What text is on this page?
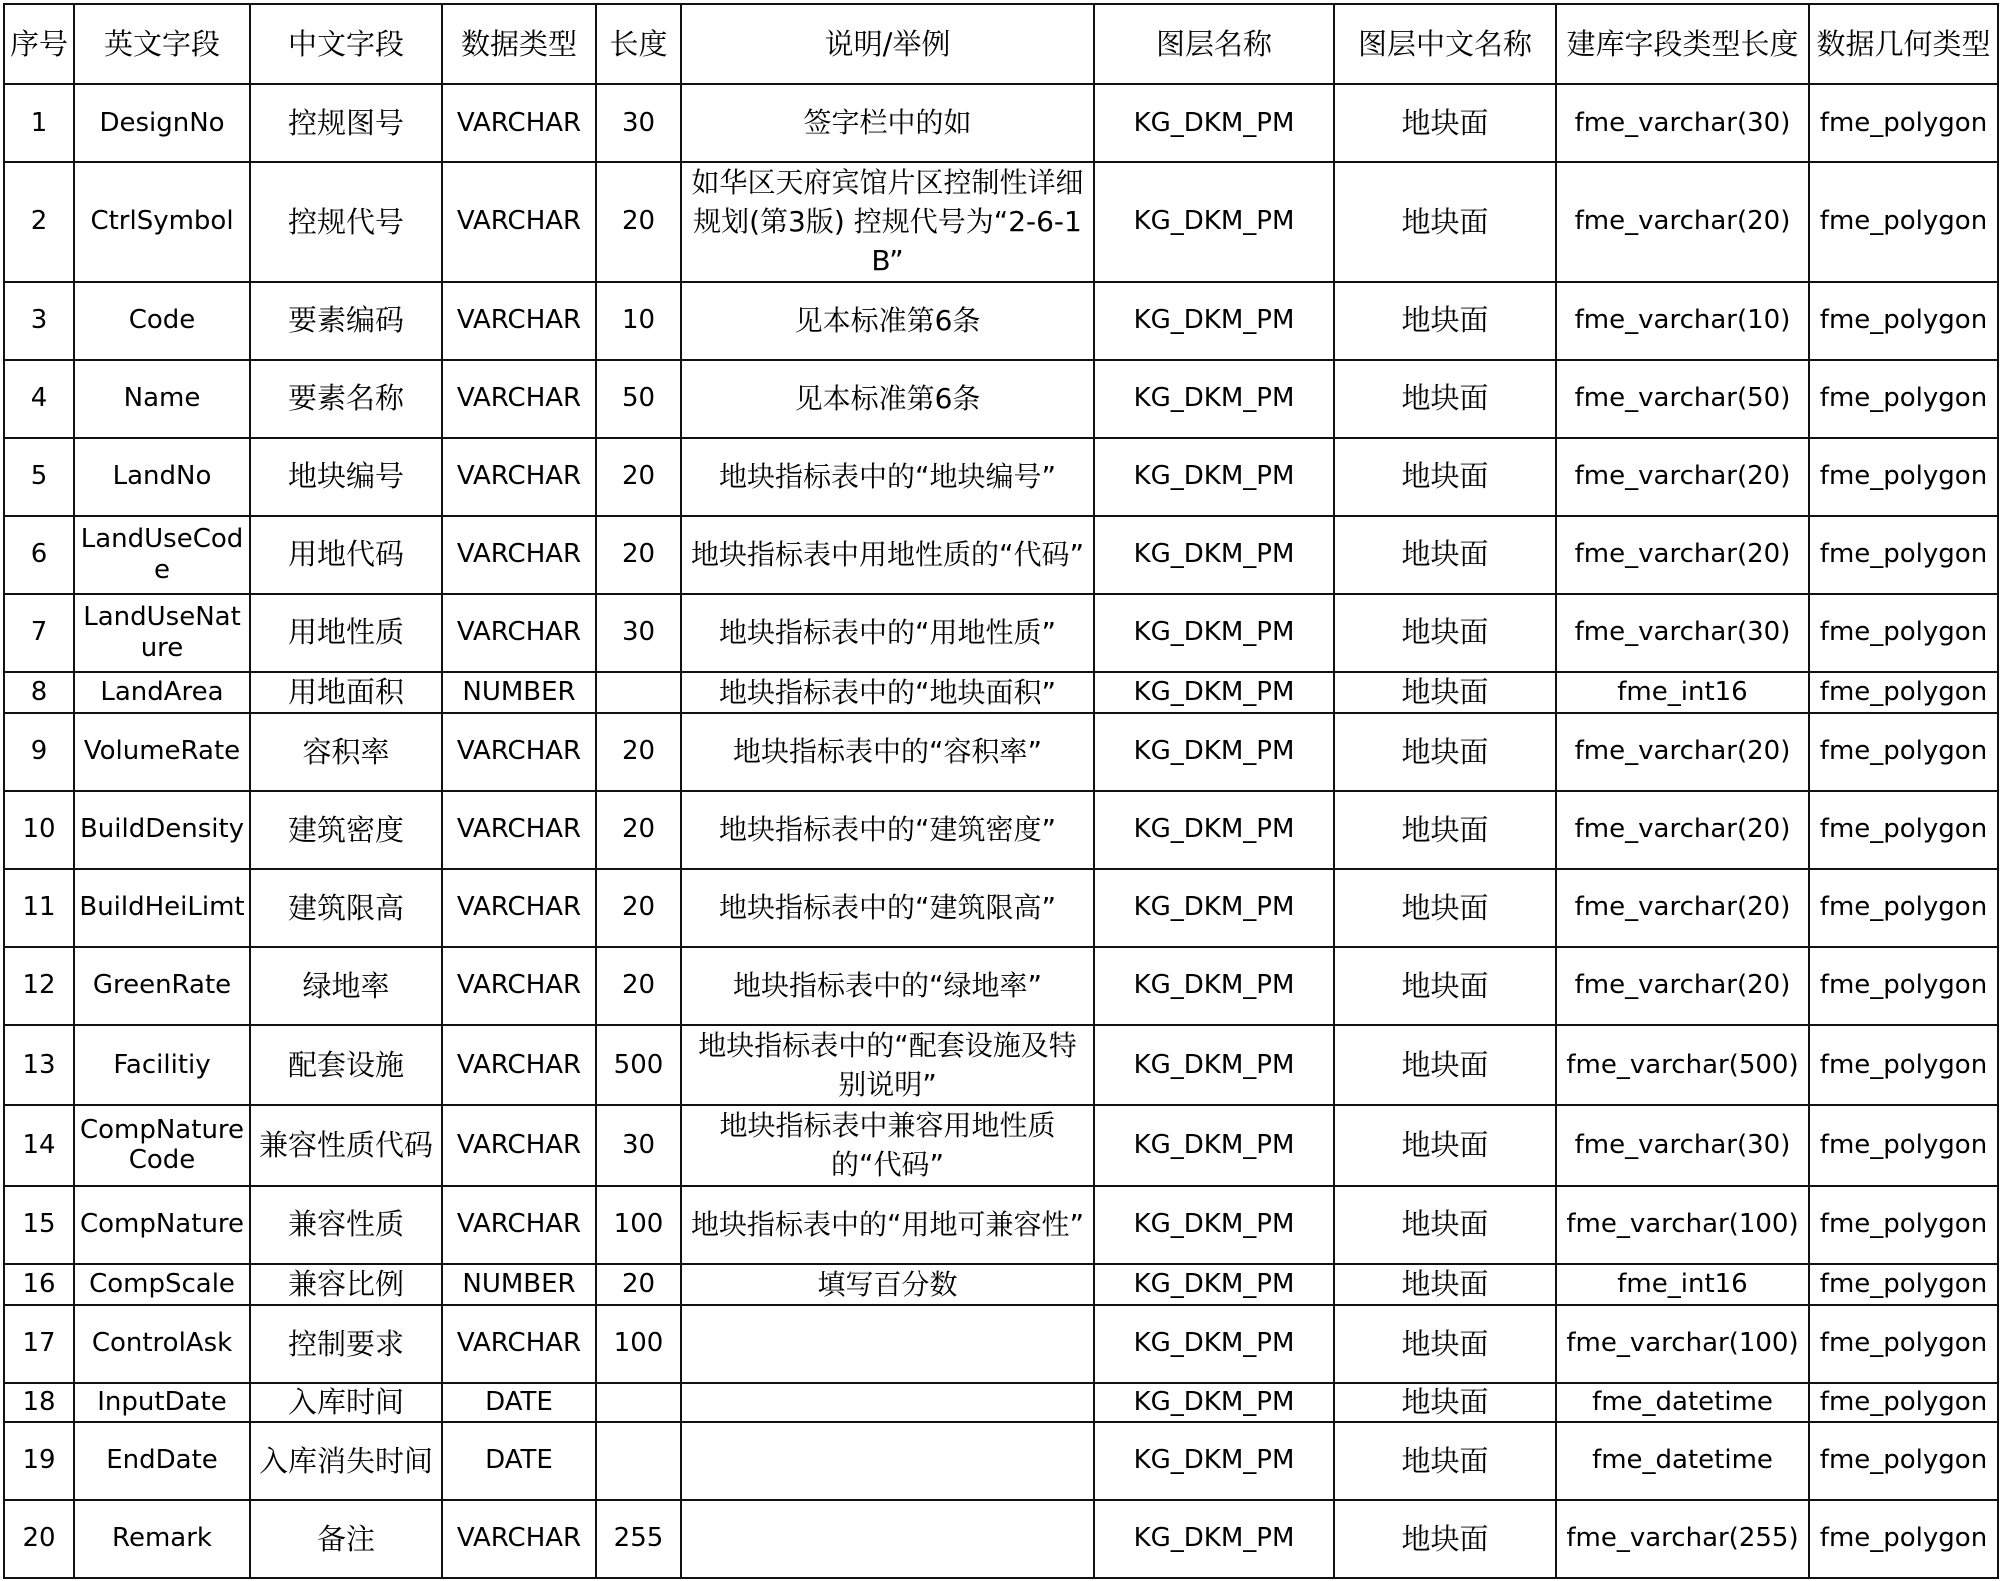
序号	英文字段	中文字段	数据类型	长度	说明/举例	图层名称	图层中文名称	建库字段类型长度	数据几何类型
1	DesignNo	控规图号	VARCHAR	30	签字栏中的如	KG_DKM_PM	地块面	fme_varchar(30)	fme_polygon
2	CtrlSymbol	控规代号	VARCHAR	20	如华区天府宾馆片区控制性详细规划(第3版) 控规代号为“2-6-1B”	KG_DKM_PM	地块面	fme_varchar(20)	fme_polygon
3	Code	要素编码	VARCHAR	10	见本标准第6条	KG_DKM_PM	地块面	fme_varchar(10)	fme_polygon
4	Name	要素名称	VARCHAR	50	见本标准第6条	KG_DKM_PM	地块面	fme_varchar(50)	fme_polygon
5	LandNo	地块编号	VARCHAR	20	地块指标表中的“地块编号”	KG_DKM_PM	地块面	fme_varchar(20)	fme_polygon
6	LandUseCode	用地代码	VARCHAR	20	地块指标表中用地性质的“代码”	KG_DKM_PM	地块面	fme_varchar(20)	fme_polygon
7	LandUseNature	用地性质	VARCHAR	30	地块指标表中的“用地性质”	KG_DKM_PM	地块面	fme_varchar(30)	fme_polygon
8	LandArea	用地面积	NUMBER		地块指标表中的“地块面积”	KG_DKM_PM	地块面	fme_int16	fme_polygon
9	VolumeRate	容积率	VARCHAR	20	地块指标表中的“容积率”	KG_DKM_PM	地块面	fme_varchar(20)	fme_polygon
10	BuildDensity	建筑密度	VARCHAR	20	地块指标表中的“建筑密度”	KG_DKM_PM	地块面	fme_varchar(20)	fme_polygon
11	BuildHeiLimt	建筑限高	VARCHAR	20	地块指标表中的“建筑限高”	KG_DKM_PM	地块面	fme_varchar(20)	fme_polygon
12	GreenRate	绿地率	VARCHAR	20	地块指标表中的“绿地率”	KG_DKM_PM	地块面	fme_varchar(20)	fme_polygon
13	Facilitiy	配套设施	VARCHAR	500	地块指标表中的“配套设施及特别说明”	KG_DKM_PM	地块面	fme_varchar(500)	fme_polygon
14	CompNatureCode	兼容性质代码	VARCHAR	30	地块指标表中兼容用地性质的“代码”	KG_DKM_PM	地块面	fme_varchar(30)	fme_polygon
15	CompNature	兼容性质	VARCHAR	100	地块指标表中的“用地可兼容性”	KG_DKM_PM	地块面	fme_varchar(100)	fme_polygon
16	CompScale	兼容比例	NUMBER	20	填写百分数	KG_DKM_PM	地块面	fme_int16	fme_polygon
17	ControlAsk	控制要求	VARCHAR	100		KG_DKM_PM	地块面	fme_varchar(100)	fme_polygon
18	InputDate	入库时间	DATE			KG_DKM_PM	地块面	fme_datetime	fme_polygon
19	EndDate	入库消失时间	DATE			KG_DKM_PM	地块面	fme_datetime	fme_polygon
20	Remark	备注	VARCHAR	255		KG_DKM_PM	地块面	fme_varchar(255)	fme_polygon
